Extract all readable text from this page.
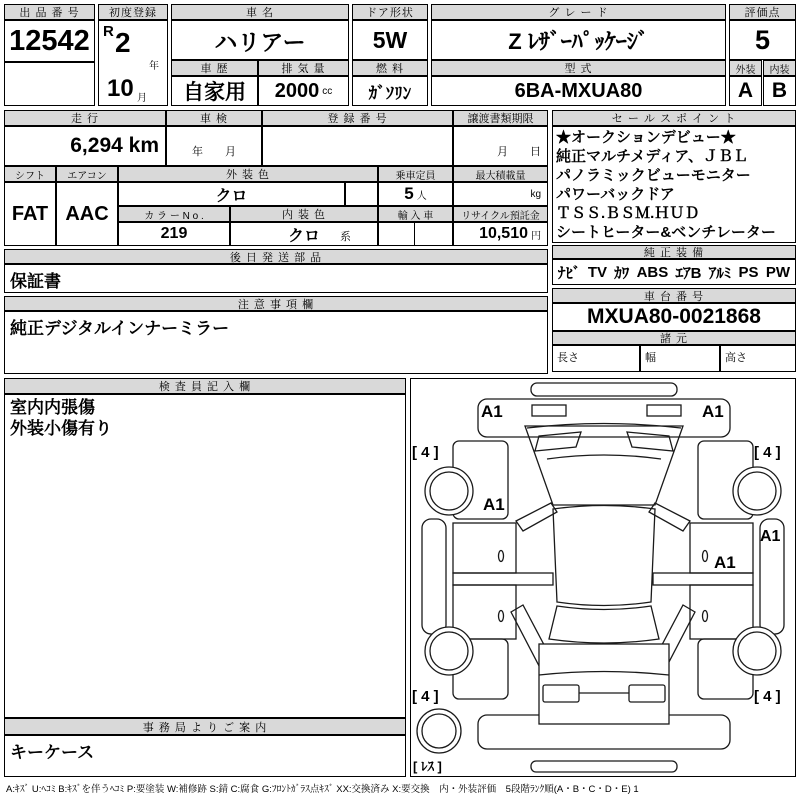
出 品 番 号
12542
初度登録
R 2
年
10 月
車 名
ハリアー
車 歴
自家用
排 気 量
2000 cc
ドア形状
5W
燃 料
ｶﾞｿﾘﾝ
グ レ ー ド
Z ﾚｻﾞｰﾊﾟｯｹｰｼﾞ
型 式
6BA-MXUA80
評価点
5
外装	内装
A B
走 行
6,294 km
車 検
年　　月
登 録 番 号	譲渡書類期限
月　　日
シフト	エアコン
FAT AAC
外 装 色
クロ
乗車定員
5 人
最大積載量
kg
カ ラ ー N o .
219
内 装 色
クロ 系
輸 入 車	リサイクル預託金
10,510 円
後 日 発 送 部 品
保証書
注 意 事 項 欄
純正デジタルインナーミラー
セ ー ル ス ポ イ ン ト
★オークションデビュー★
純正マルチメディア、ＪＢＬ
パノラミックビューモニター
パワーバックドア
ＴＳＳ.ＢＳＭ.ＨＵＤ
シートヒーター&ベンチレーター
純 正 装 備
ﾅﾋﾞ TV ｶﾜ ABS ｴｱB ｱﾙﾐ PS PW
車 台 番 号
MXUA80-0021868
諸 元
長さ	幅	高さ
検 査 員 記 入 欄
室内内張傷
外装小傷有り
事 務 局 よ り ご 案 内
キーケース
A1	A1
[ 4 ]	[ 4 ]
A1
A1
A1
[ 4 ]	[ 4 ]
[ ﾚｽ ]
A:ｷｽﾞ U:ﾍｺﾐ B:ｷｽﾞを伴うﾍｺﾐ P:要塗装 W:補修跡 S:錆 C:腐食 G:ﾌﾛﾝﾄｶﾞﾗｽ点ｷｽﾞ XX:交換済み X:要交換　内・外装評価　5段階ﾗﾝｸ順(A・B・C・D・E) 1
